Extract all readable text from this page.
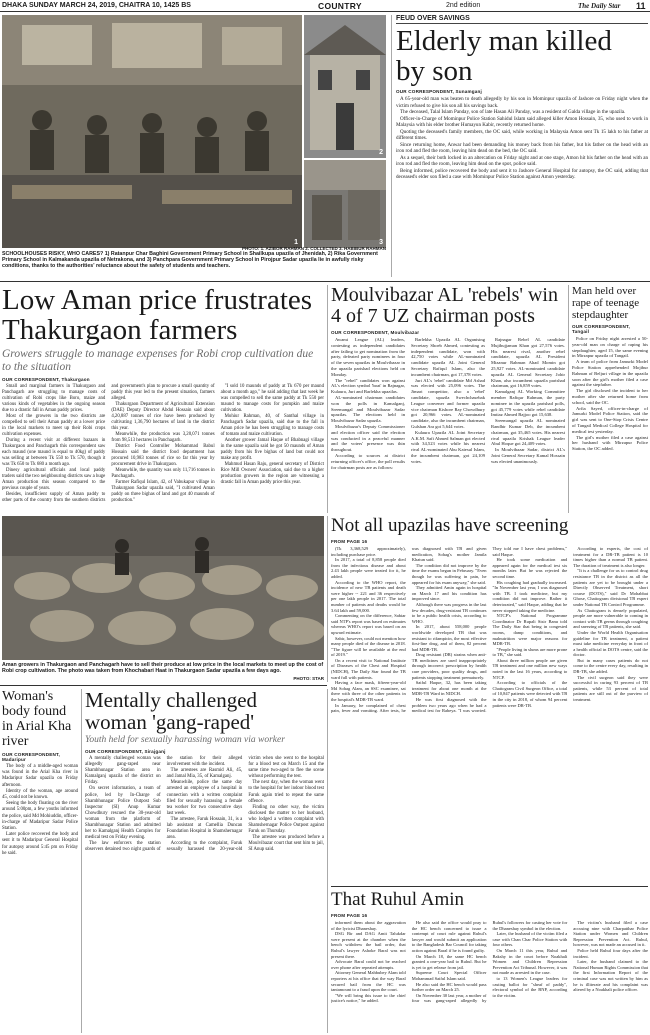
DHAKA SUNDAY MARCH 24, 2019, CHAITRA 10, 1425 BS	COUNTRY	2nd edition	The Daily Star 11
1
2
3
SCHOOLHOUSES RISKY, WHO CARES? 1) Ratanpur Char Baghini Government Primary School in Shailkupa upazila of Jhenidah, 2) Rika Government Primary School in Kalmakanda upazila of Netrakona, and 3) Panchpara Government Primary School in Pirojpur Sadar upazila lie in awfully risky conditions, thanks to the authorities' reluctance about the safety of students and teachers.
PHOTO: 1. AZIBOR RAHMAN 2. COLLECTED 3. HABIBUR RAHMAN
FEUD OVER SAVINGS
Elderly man killed by son
OUR CORRESPONDENT, Sunamganj

A 65-year-old man was beaten to death allegedly by his son in Mominpur upazila of Jashore on Friday night when the victim refused to give his son all his savings back.

The deceased, Talal Islam Panday, son of late Hasan Ali Panday, was a resident of Galda village in the upazila.

Officer-in-Charge of Mominpur Police Station Sahidul Islam said alleged killer Amon Hossain, 35, who used to work in Malaysia with his elder brother Humayun Kabir, recently returned home.

Quoting the deceased's family members, the OC said, while working in Malaysia Amon sent Tk 15 lakh to his father at different times.

Since returning home, Anwar had been demanding his money back from his father, but his father on the head with an iron rod and fled the room, leaving him dead on the bed, the OC said.

As a sequel, their both locked in an altercation on Friday night and at one stage, Amon hit his father on the head with an iron rod and fled the room, leaving him dead on the spot, police said.

Being informed, police recovered the body and sent it to Jashore General Hospital for autopsy, the OC said, adding that deceased's elder son filed a case with Mominpur Police Station against Amon yesterday.

Low Aman price frustrates Thakurgaon farmers
Growers struggle to manage expenses for Robi crop cultivation due to the situation
OUR CORRESPONDENT, Thakurgaon

Small and marginal farmers in Thakurgaon and Panchagarh are struggling to manage costs of cultivation of Robi crops like Boro, maize and various kinds of vegetables in the ongoing season due to a drastic fall in Aman paddy prices.

Most of the growers in the two districts are compelled to sell their Aman paddy at a lower price in the local markets to meet up their Robi crops cultivation expenses.

During a recent visit at different bazaars in Thakurgaon and Panchagarh this correspondent saw each maund (one maund is equal to 40kg) of paddy was selling at between Tk 550 to Tk 570, though it was Tk 650 to Tk 680 a month ago.

Dinesy agricultural officials and local paddy traders said the two neighbouring districts saw a huge Aman production this season compared to the previous couple of years.

Besides, insufficient supply of Aman paddy to other parts of the country from the southern districts and government's plan to procure a small quantity of paddy this year led to the present situation, farmers alleged.

Thakurgaon Department of Agricultural Extension (DAE) Deputy Director Abdul Hossain said about 4,20,887 tonnes of rice have been produced by cultivating 1,36,790 hectares of land in the district this year.

Meanwhile, the production was 3,20,071 tonnes from 98,513 hectares in Panchagarh.

District Food Controller Mohammad Babul Hossain said the district food department has procured 10,983 tonnes of rice so far this year by procurement drive in Thakurgaon.

Meanwhile, the quantity was only 11,716 tonnes in Panchagarh.

Farmer Rafiqul Islam, 42, of Vabukapur village in Thakurgaon Sadar upazila said, "I cultivated Aman paddy on three bighas of land and got 40 maunds of production."

"I sold 10 maunds of paddy at Tk 670 per maund about a month ago," he said adding that last week he was compelled to sell the same paddy at Tk 550 per maund to manage costs for pumpkin and maize cultivation.

Mohiur Rahman, 40, of Santhal village in Panchagarh Sadar upazila, said due to the fall in Aman price he has been struggling to manage costs of tomato and maize cultivation.

Another grower Jamal Haque of Bhabnagi village in the same upazila said he got 50 maunds of Aman paddy from his five bighas of land but could not make any profit.

Mahmud Hasan Raju, general secretary of District Rice Mill Owners' Association, said due to a higher production growers in the region are witnessing a drastic fall in Aman paddy price this year.

Moulvibazar AL 'rebels' win 4 of 7 UZ chairman posts
OUR CORRESPONDENT, Moulvibazar

Awami League (AL) leaders, contesting as independent candidates after failing to get nomination from the party, defeated party nominees in four of the seven upazilas in Moulvibazar in the upazila parishad elections held on Monday.

The "rebel" candidates won against AL's election symbol 'boat' in Rajnagar, Kulaura, Juri and Barlekha upazilas.

AL-nominated chairman candidates won the polls in Kamalganj, Sreemangal and Moulvibazar Sadar upazilas. The elections held in Moulvibazar Sadar upazila.

Moulvibazar's Deputy Commissioner and election officer said the election was conducted in a peaceful manner and the voters' presence was thin throughout.

According to sources at district returning officer's office, the poll results for chairman posts are as follows:

Barlekha Upazila AL Organising Secretary Shoeb Ahmed, contesting as independent candidate, won with 42,750 votes while AL-nominated candidate upazila AL Joint General Secretary Rafiqul Islam, also the incumbent chairman, got 17,378 votes.

Juri AL's 'rebel' candidate Md Ashad was elected with 25,096 votes. The Jimari competitor, also a 'rebel' candidate, upazila Swechchasebak League convener and former upazila vice chairman Kishore Ray Chowdhury got 20,966 votes. AL-nominated candidate, also the incumbent chairman, Gulshan Ara got 5,644 votes.

Kulaura Upazila AL Joint Secretary A.K.M. Safi Ahmed Salman got elected with 34,523 votes while his nearest rival AL-nominated Abu Kaiesul Islam, the incumbent chairman, got 24,109 votes.

Rajnagar Rebel AL candidate Mujibujjaman Khan got 27,576 votes. His nearest rival, another rebel candidate, upazila AL President Mizanur Rahman Ahad Momin got 25,927 votes. AL-nominated candidate upazila AL General Secretary Johir Khan, also incumbent upazila parishad chairman, got 16,859 votes.

Kamalganj AL Working Committee member Rafiqur Rahman, the party nominee in the upazila parishad polls, got 45,779 votes while rebel candidate Imtiaz Ahmed Bajjoo got 15,638.

Sreemangal upazila AL nominated Randhir Kumar Deb, the incumbent chairman, got 35,465 votes. His nearest rival upazila Krishak League leader Abul Hoque got 24,409 votes.

In Moulvibazar Sadar, district AL's Joint General Secretary Kamal Hossain was elected unanimously.

Man held over rape of teenage stepdaughter
OUR CORRESPONDENT, Tangail

Police on Friday night arrested a 50-year-old man on charge of raping his stepdaughter, aged 15, the same evening in Mirzapur upazila of Tangail.

A team of police from Jamurki Model Police Station apprehended Mojibur Rahman of Beljuri village in the upazila soon after the girl's mother filed a case against the stepfather.

The girl disclosed the incident to her mother after she returned home from school, said the OC.

Arfia Sayed, officer-in-charge of Jamurki Model Police Station, said the girl was sent to One-Stop Crisis Centre of Tangail Medical College Hospital for medical test yesterday.

The girl's mother filed a case against her husband with Mirzapur Police Station, the OC added.

Aman growers in Thakurgaon and Panchagarh have to sell their produce at low price in the local markets to meet up the cost of Robi crop cultivation. The photo was taken from Khochabari Haat in Thakurgaon Sadar upazila a few days ago.
PHOTO: STAR
Not all upazilas have screening
FROM PAGE 16

(Tk 3,368,529 approximately), including purchase price.

In 2017, a total of 8,858 people died from the infectious disease and about 2.43 lakh people were treated for it, he added.

According to the WHO report, the incidence of new TB patients and death were higher -- 221 and 36 respectively per one lakh people in 2017. The total number of patients and deaths would be 3.64 lakh and 59,000.

Commenting on the difference, Sabiar said NTP's report was based on estimates whereas WHO's report was based on an upward estimate.

Sabir, however, could not mention how many people died of the disease in 2018. "The figure will be available at the end of 2019."

On a recent visit to National Institute of Diseases of the Chest and Hospital (NIDCH), The Daily Star found the TB ward full with patients.

Having a face mask, fifteen-year-old Md Sohag Alam, an SSC examinee, sat there with three of the other patients in the hospital's MDR-TB ward.

In January, he complained of chest pain, fever and vomiting. After tests, he was diagnosed with TB and given medication, Sohag's mother Jamila Khatun said.

The condition did not improve by the time the exams began in February. "Even though he was suffering in pain, he appeared for his exam anyway," she said.

They admitted Amin again in hospital on March 17 and his condition has improved since.

Although there was progress in the last few decades, drug-resistant TB continues to be a public health crisis, according to WHO.

In 2017, about 558,000 people worldwide developed TB that was resistant to rifampicin, the most effective first-line drug, and of them, 82 percent had MDR-TB.

Drug resistant (DR) strains when anti-TB medicines are used inappropriately through incorrect prescription by health care providers, poor quality drugs, and patients stopping treatment prematurely.

Saiful Haque, 32, has been taking treatment for about one month at the MDR-TB Ward in NIDCH.

He was first diagnosed with the problem two years ago when he had a medical test for Rabeya. "I was worried. They told me I have chest problems," said Haque.

He took some medication and appeared again for the medical test six months later. But he was rejected the second time.

His coughing had gradually increased. "In November last year, I was diagnosed with TB. I took medicine, but my condition did not improve. Rather it deteriorated," said Haque, adding that he never stopped taking the medicine.

NTCP's National Programme Coordinator Dr Rupali Sisir Banu told The Daily Star that being in congested rooms, damp conditions, and malnutrition were major reasons for MDR-TB.

"People living in slums are more prone to TB," she said.

About three million people are given TB treatment and one million new ways noted in the last 16 years, according to NTCP.

According to officials of the Chattogram Civil Surgeon Office, a total of 10,847 patients were detected with TB in the city in 2018, of whom 94 percent patients were DR-TB.

According to experts, the cost of treatment for a DR-TB patient is 10 times higher than a normal TB patient. The duration of treatment is also longer.

"It is a challenge for us to control drug resistance TB in the district as all the patients are yet to be brought under a Directly Observed Treatment, short course (DOTS)," said Dr Mohabbat Ghose, Chattogram divisional TB expert under National TB Control Programme.

As Chattogram is densely populated, people are more vulnerable to coming in contact with TB germs through coughing and sneezing of TB patients, she said.

Under the World Health Organisation guideline for TB treatment, a patient must take medicine everyday in front of a health official in DOTS centre, said the doctor.

But in many cases patients do not come to the centre every day, resulting in DR-TB, she added.

The civil surgeon said they were successful in curing 93 percent of TB patients, while 53 percent of total patients are still out of the purview of treatment.

Woman's body found in Arial Kha river
OUR CORRESPONDENT, Madaripur

The body of a middle-aged woman was found in the Arial Kha river in Madaripur Sadar upazila on Friday afternoon.

Identity of the woman, age around 45, could not be known.

Seeing the body floating on the river around 5:00pm, a few youths informed the police, said Md Mohiuddin, officer-in-charge of Madaripur Sadar Police Station.

Later police recovered the body and sent it to Madaripur General Hospital for autopsy around 5:45 pm on Friday he said.

Mentally challenged woman 'gang-raped'
Youth held for sexually harassing woman via worker
OUR CORRESPONDENT, Sirajganj

A mentally challenged woman was allegedly gang-raped near Shambhunagar Station area in Kamalganj upazila of the district on Friday.

On secret information, a team of police, led by In-Charge of Shambhunagar Police Outpost Sub Inspector (SI) Anup Kumar Chowdhury rescued the 30-year-old woman from the platform of Shambhunagar Station and admitted her to Kamalganj Health Complex for medical test on Friday evening.

The law enforcers the station observers detained two night guards of the station for their alleged involvement with the incident.

The arrestees are Rasmid Ali, 45, and Jamal Mia, 35, of Kamalganj.

Meanwhile, police the same day arrested an employee of a hospital in connection with a written complaint filed for sexually harassing a female tea worker for two consecutive days last week.

The arrestee, Faruk Hossain, 31, is a lab assistant at Camellia Duncan Foundation Hospital in Shamshernagar area.

According to the complaint, Faruk sexually harassed the 20-year-old victim when she went to the hospital for a blood test on March 15 and the same time two-aged to flee the scene without performing the test.

The next day, when the woman went to the hospital for her indoor blood test Faruk again tried to repeat the same offence.

Finding no other way, the victim disclosed the matter to her husband, who lodged a written complaint with Shamshernagar Police Outpost against Faruk on Thursday.

The arrestee was produced before a Moulvibazar court that sent him to jail, SI Anup said.

That Ruhul Amin
FROM PAGE 16

informed them about the aggravation of the lyricist Dhaneshay.

DSG Bir and DAG Amit Talukdar were present at the chamber when the bench withdrew the bail order, that Ruhul's lawyer Ashoke Baral was not present there.

Advocate Baral could not be reached over phone after repeated attempts.

Attorney General Mahbubey Alam told reporters at his office that the way Baral secured bail from the HC was tantamount to a fraud upon the court.

"We will bring this issue to the chief justice's notice," he added.

He also said the office would pray to the HC bench concerned to issue a contempt of court rule against Ruhul's lawyer and would submit an application to the Bangladesh Bar Council for taking action against Baral if he is found guilty.

On March 18, the same HC bench granted a one-year bail to Ruhul. But he is yet to get release from jail.

Supreme Court Special Officer Mohammad Saiful Islam said.

He also said the HC bench would pass further order on March 25.

On November 30 last year, a mother of four was gang-raped allegedly by Ruhul's followers for casting her vote for the Dhaneshay symbol in the election.

Later, the husband of the victim filed a case with Chan Char Police Station with four others.

On March 11 this year, Ruhul and Bakshy in the court before Noakhali Women and Children Repression Prevention Act Tribunal. However, it was not made as arrested in the case.

to 13 Women's League leaders for casting ballot for "sheaf of paddy", electoral symbol of the BNP, according to the victim.

The victim's husband filed a case accusing nine with Charpatthar Police Station under Women and Children Repression Prevention Act. Ruhul, however, was not made an accused in it.

Police held Ruhul four days after the incident.

Later, the husband claimed to the National Human Rights Commission that the first Information Report of the criminal case was not written by him as he is illiterate and his complaint was altered by a Noakhali police officer.
